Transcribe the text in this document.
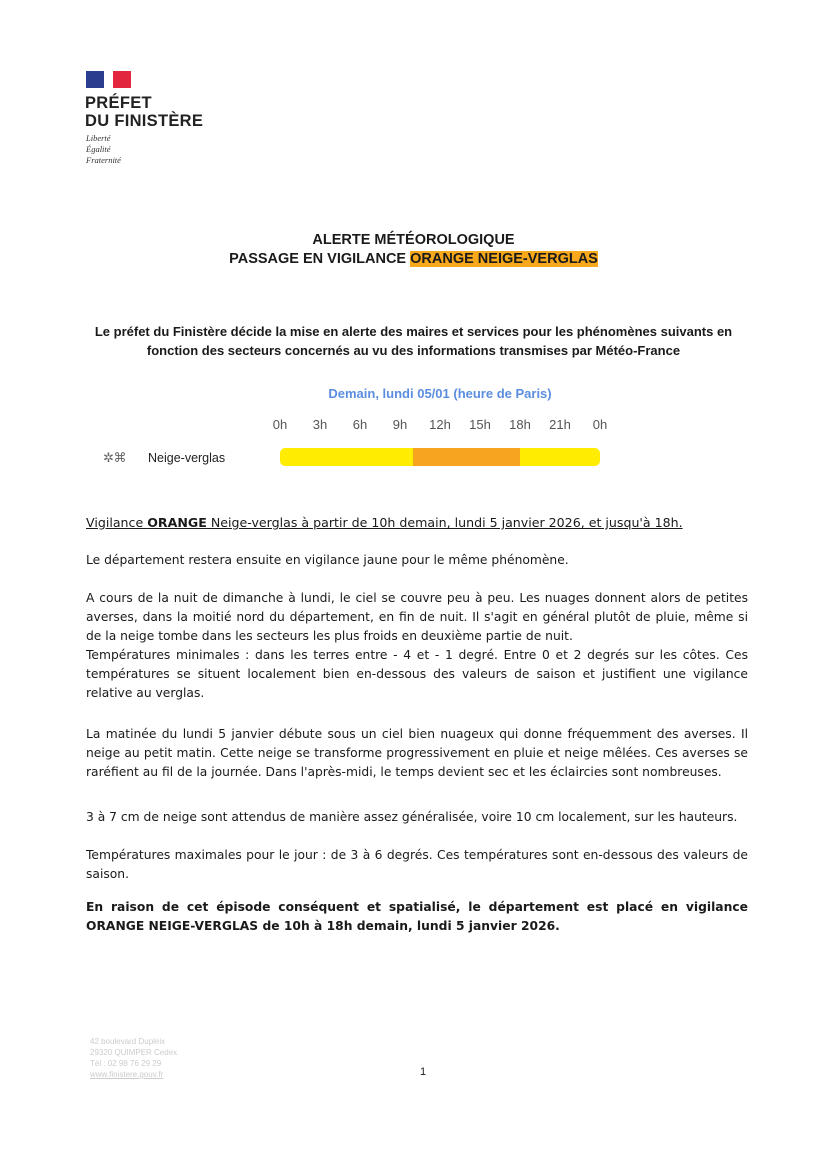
PRÉFET
DU FINISTÈRE
Liberté
Égalité
Fraternité
ALERTE MÉTÉOROLOGIQUE
PASSAGE EN VIGILANCE ORANGE NEIGE-VERGLAS
Le préfet du Finistère décide la mise en alerte des maires et services pour les phénomènes suivants en fonction des secteurs concernés au vu des informations transmises par Météo-France
Demain, lundi 05/01 (heure de Paris)
0h	3h	6h	9h	12h	15h	18h	21h	0h
✲ ⌘ Neige-verglas
Vigilance ORANGE Neige-verglas à partir de 10h demain, lundi 5 janvier 2026, et jusqu'à 18h.
Le département restera ensuite en vigilance jaune pour le même phénomène.
A cours de la nuit de dimanche à lundi, le ciel se couvre peu à peu. Les nuages donnent alors de petites averses, dans la moitié nord du département, en fin de nuit. Il s'agit en général plutôt de pluie, même si de la neige tombe dans les secteurs les plus froids en deuxième partie de nuit.
Températures minimales : dans les terres entre - 4 et - 1 degré. Entre 0 et 2 degrés sur les côtes. Ces températures se situent localement bien en-dessous des valeurs de saison et justifient une vigilance relative au verglas.
La matinée du lundi 5 janvier débute sous un ciel bien nuageux qui donne fréquemment des averses. Il neige au petit matin. Cette neige se transforme progressivement en pluie et neige mêlées. Ces averses se raréfient au fil de la journée. Dans l'après-midi, le temps devient sec et les éclaircies sont nombreuses.
3 à 7 cm de neige sont attendus de manière assez généralisée, voire 10 cm localement, sur les hauteurs.
Températures maximales pour le jour : de 3 à 6 degrés. Ces températures sont en-dessous des valeurs de saison.
En raison de cet épisode conséquent et spatialisé, le département est placé en vigilance ORANGE NEIGE-VERGLAS de 10h à 18h demain, lundi 5 janvier 2026.
42 boulevard Dupleix
29320 QUIMPER Cedex
Tél : 02 98 76 29 29
www.finistere.gouv.fr	1
